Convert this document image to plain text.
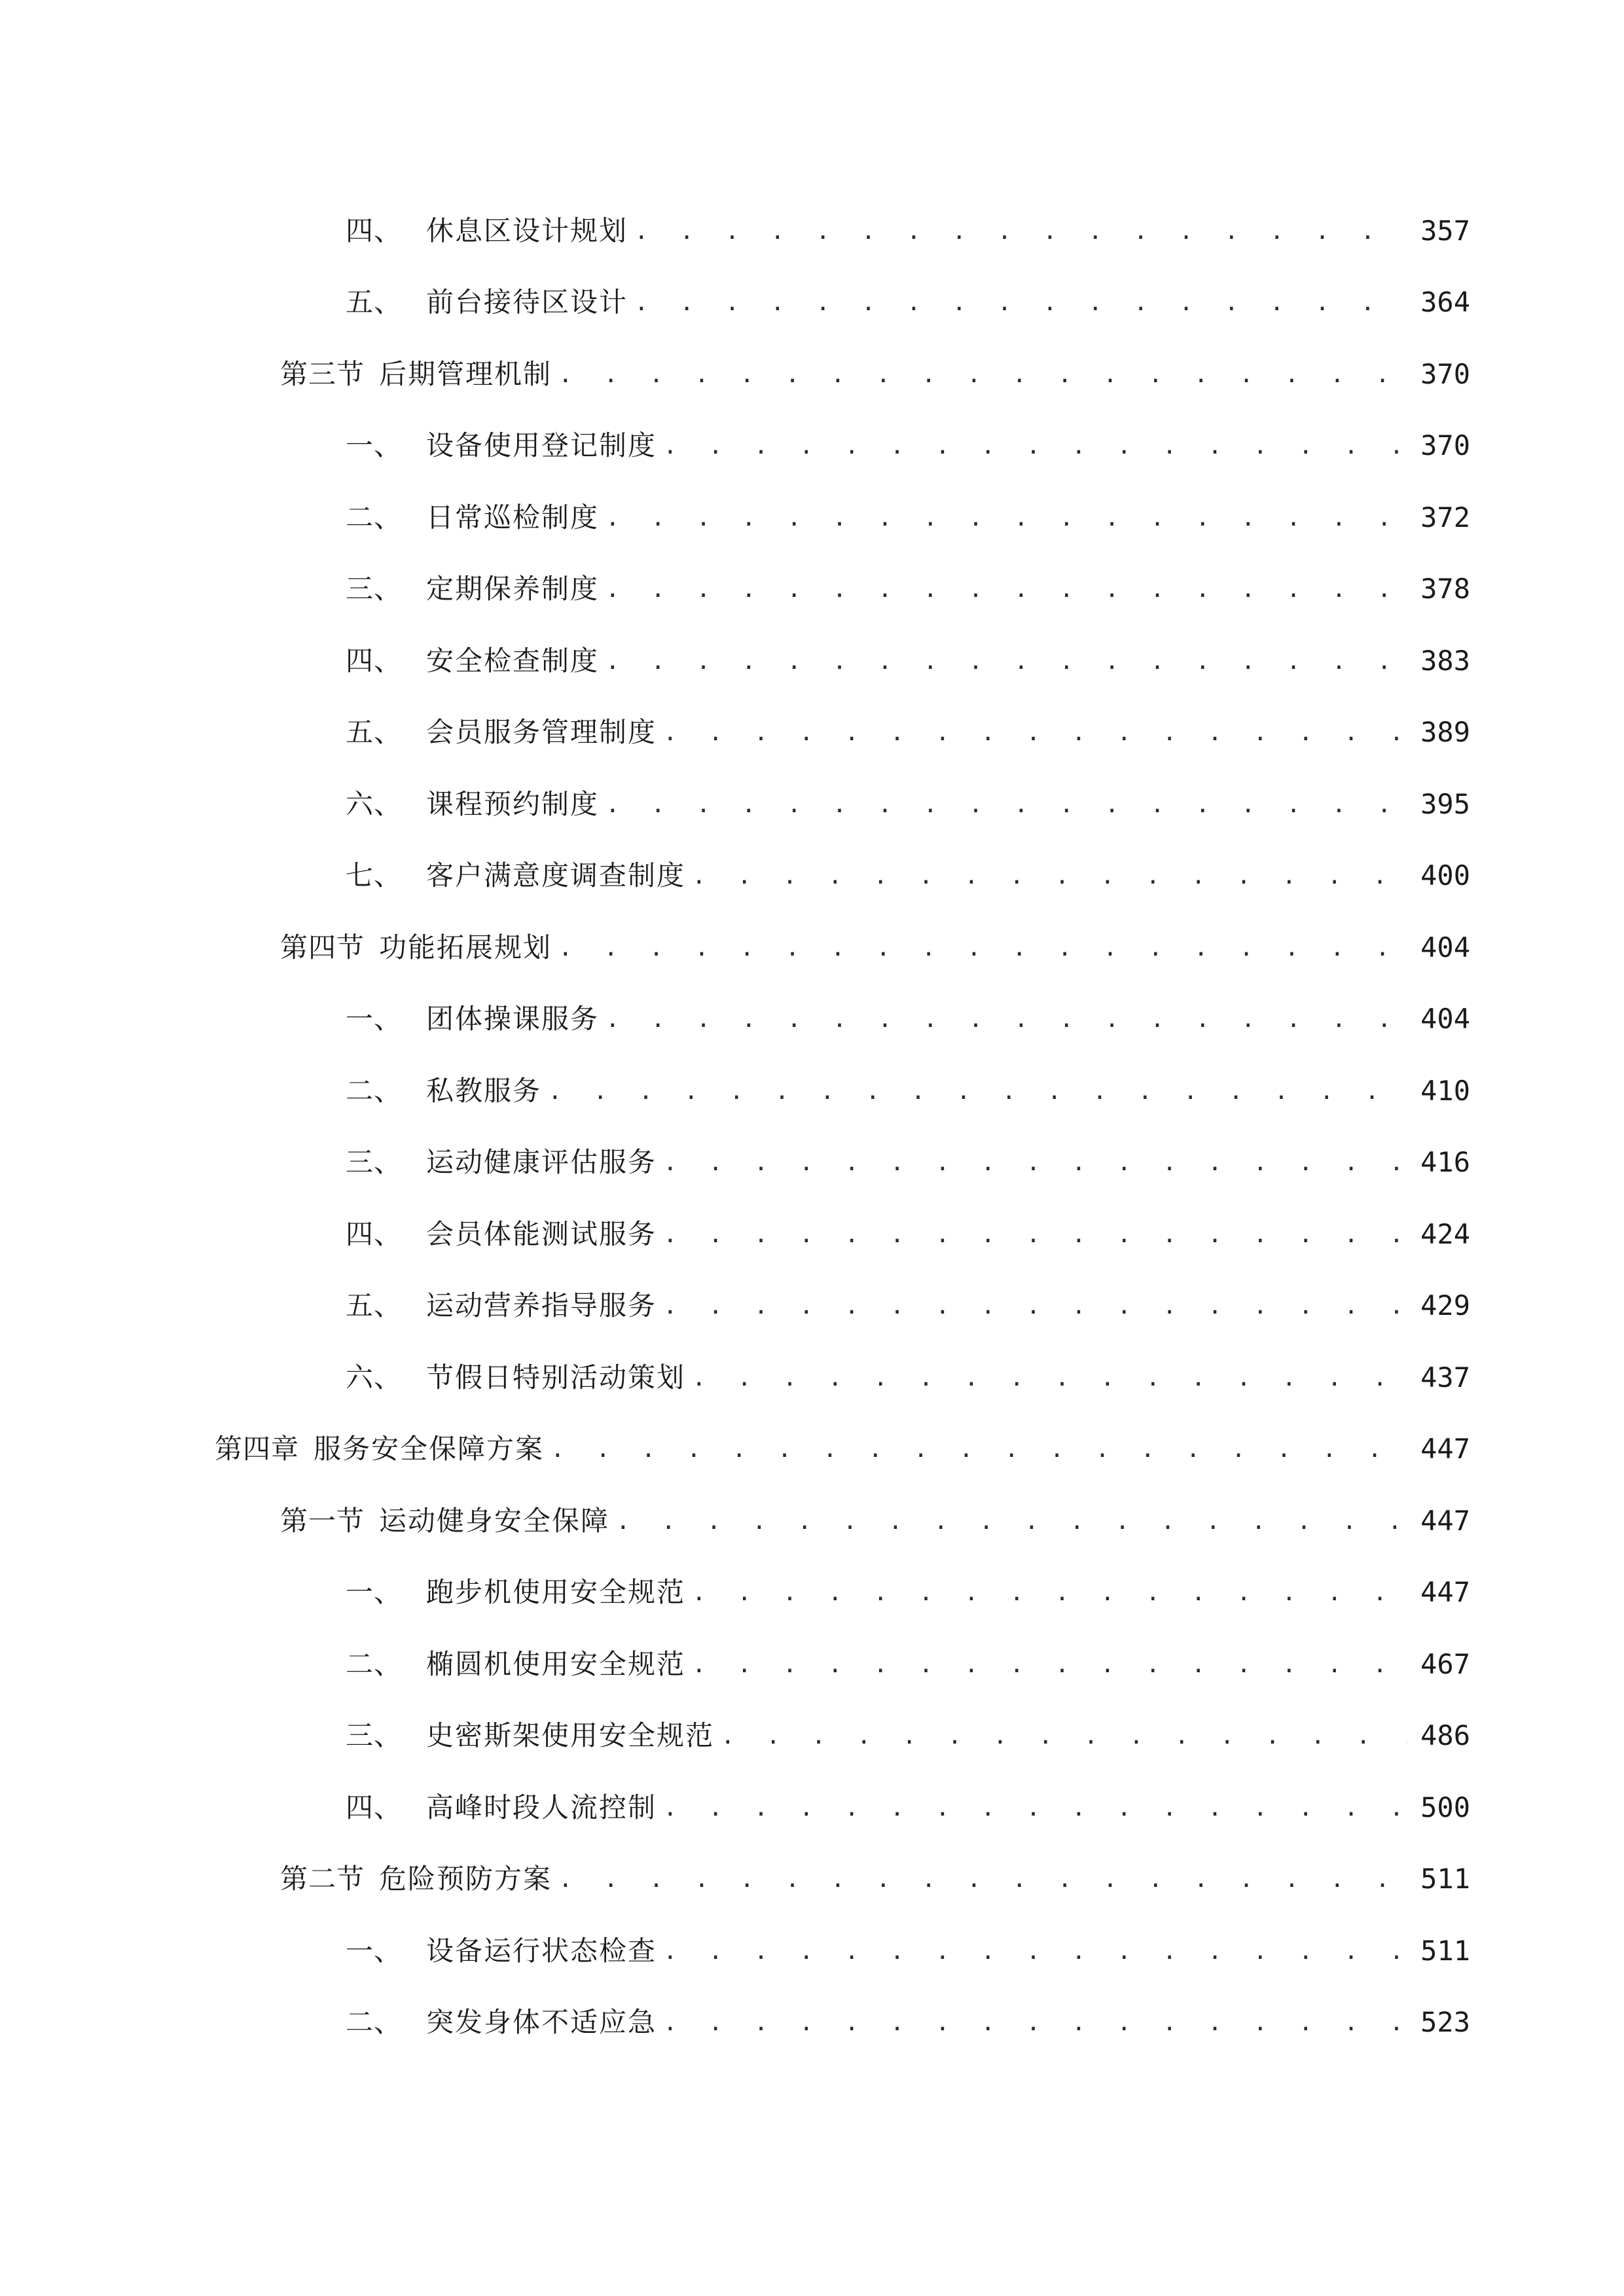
四、 休息区设计规划 . . .	357
五、 前台接待区设计 . . .	364
第三节 后期管理机制 . . .	370
一、 设备使用登记制度 . . .	370
二、 日常巡检制度 . . .	372
三、 定期保养制度 . . .	378
四、 安全检查制度 . . .	383
五、 会员服务管理制度 . . .	389
六、 课程预约制度 . . .	395
七、 客户满意度调查制度 . . .	400
第四节 功能拓展规划 . . .	404
一、 团体操课服务 . . .	404
二、 私教服务 . . .	410
三、 运动健康评估服务 . . .	416
四、 会员体能测试服务 . . .	424
五、 运动营养指导服务 . . .	429
六、 节假日特别活动策划 . . .	437
第四章 服务安全保障方案 . . .	447
第一节 运动健身安全保障 . . .	447
一、 跑步机使用安全规范 . . .	447
二、 椭圆机使用安全规范 . . .	467
三、 史密斯架使用安全规范 . . .	486
四、 高峰时段人流控制 . . .	500
第二节 危险预防方案 . . .	511
一、 设备运行状态检查 . . .	511
二、 突发身体不适应急 . . .	523
